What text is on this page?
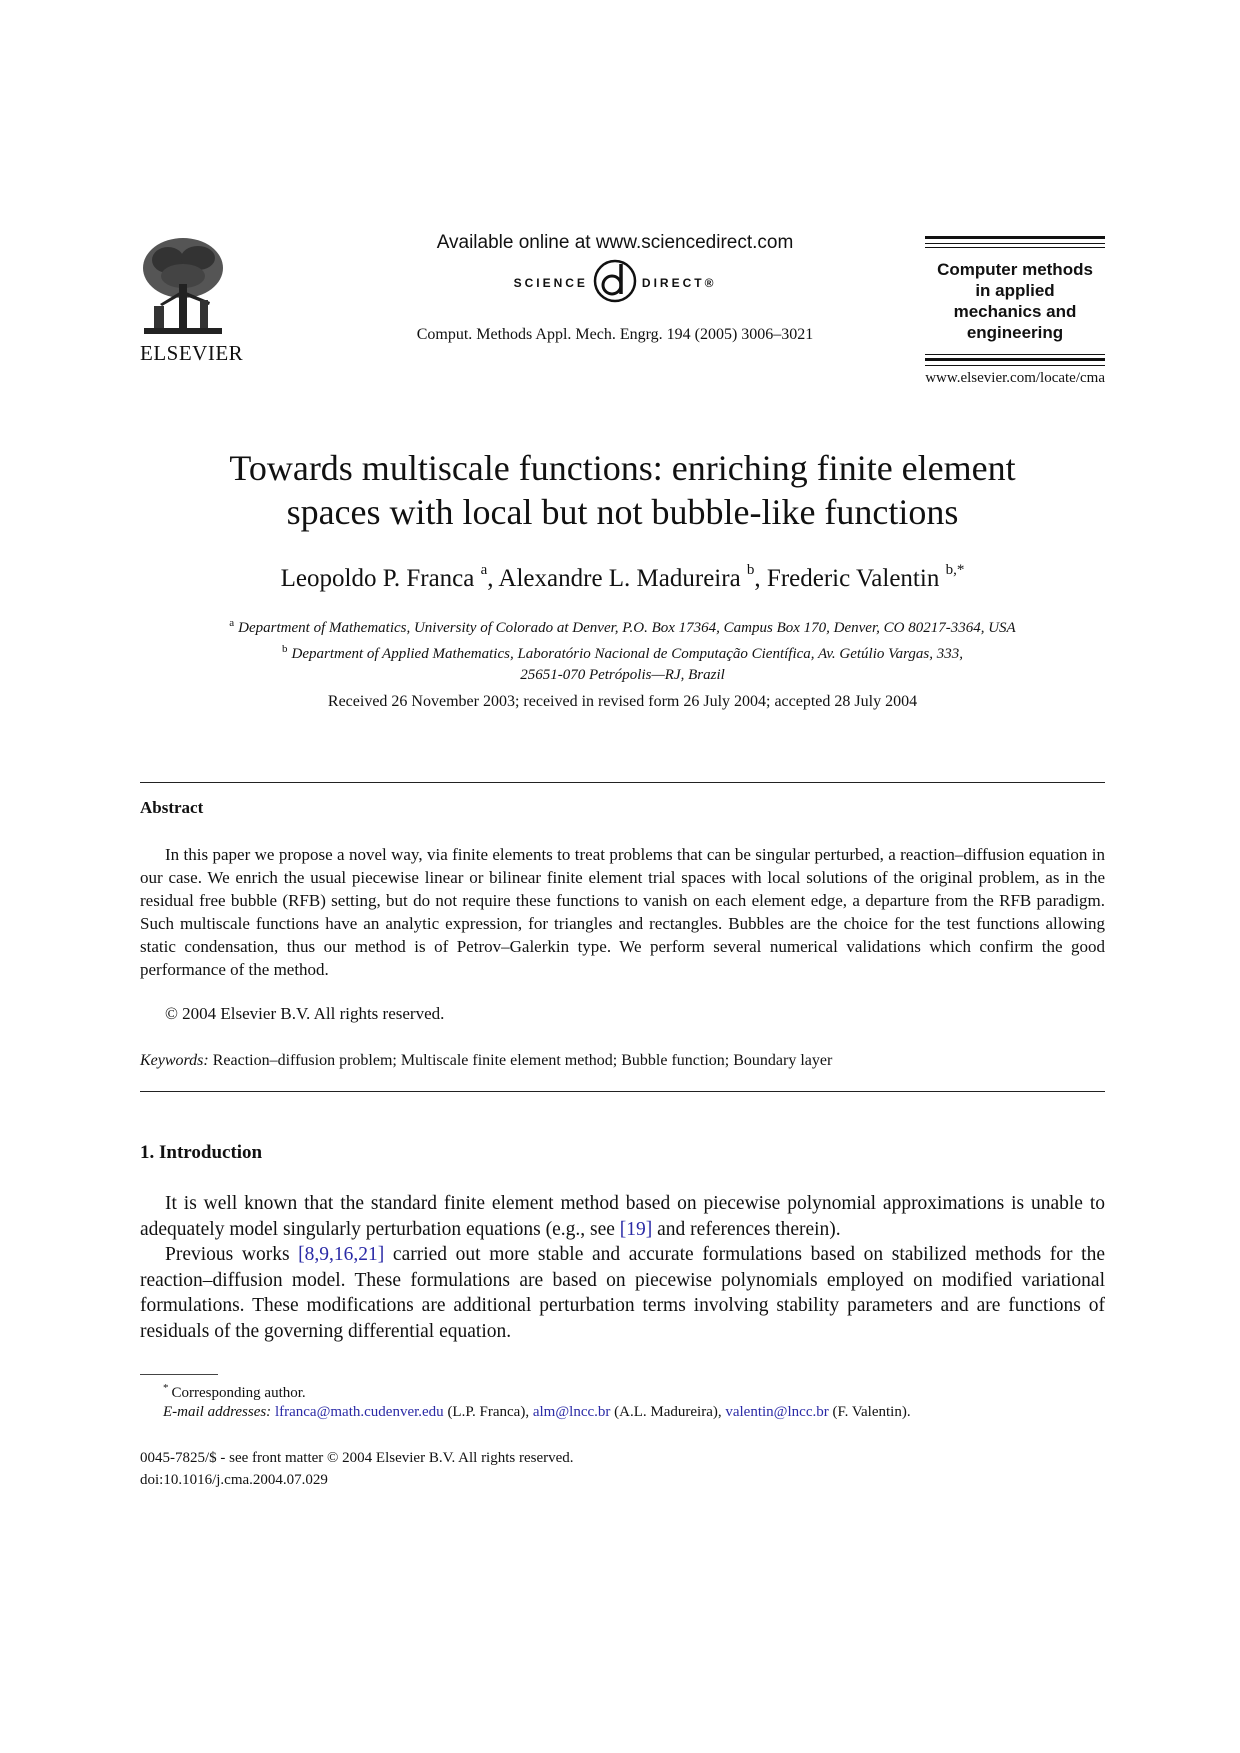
ELSEVIER
Available online at www.sciencedirect.com
SCIENCE	DIRECT®
Comput. Methods Appl. Mech. Engrg. 194 (2005) 3006–3021
Computer methods
in applied
mechanics and
engineering
www.elsevier.com/locate/cma
Towards multiscale functions: enriching finite element
spaces with local but not bubble-like functions
Leopoldo P. Franca $^a$, Alexandre L. Madureira $^b$, Frederic Valentin $^{b,*}$
$^a$ Department of Mathematics, University of Colorado at Denver, P.O. Box 17364, Campus Box 170, Denver, CO 80217-3364, USA
$^b$ Department of Applied Mathematics, Laboratório Nacional de Computação Científica, Av. Getúlio Vargas, 333,
25651-070 Petrópolis—RJ, Brazil
Received 26 November 2003; received in revised form 26 July 2004; accepted 28 July 2004
Abstract

In this paper we propose a novel way, via finite elements to treat problems that can be singular perturbed, a reaction–diffusion equation in our case. We enrich the usual piecewise linear or bilinear finite element trial spaces with local solutions of the original problem, as in the residual free bubble (RFB) setting, but do not require these functions to vanish on each element edge, a departure from the RFB paradigm. Such multiscale functions have an analytic expression, for triangles and rectangles. Bubbles are the choice for the test functions allowing static condensation, thus our method is of Petrov–Galerkin type. We perform several numerical validations which confirm the good performance of the method.

© 2004 Elsevier B.V. All rights reserved.
Keywords: Reaction–diffusion problem; Multiscale finite element method; Bubble function; Boundary layer
1. Introduction

It is well known that the standard finite element method based on piecewise polynomial approximations is unable to adequately model singularly perturbation equations (e.g., see [19] and references therein).

Previous works [8,9,16,21] carried out more stable and accurate formulations based on stabilized methods for the reaction–diffusion model. These formulations are based on piecewise polynomials employed on modified variational formulations. These modifications are additional perturbation terms involving stability parameters and are functions of residuals of the governing differential equation.

* Corresponding author.
E-mail addresses: lfranca@math.cudenver.edu (L.P. Franca), alm@lncc.br (A.L. Madureira), valentin@lncc.br (F. Valentin).
0045-7825/$ - see front matter © 2004 Elsevier B.V. All rights reserved.
doi:10.1016/j.cma.2004.07.029
